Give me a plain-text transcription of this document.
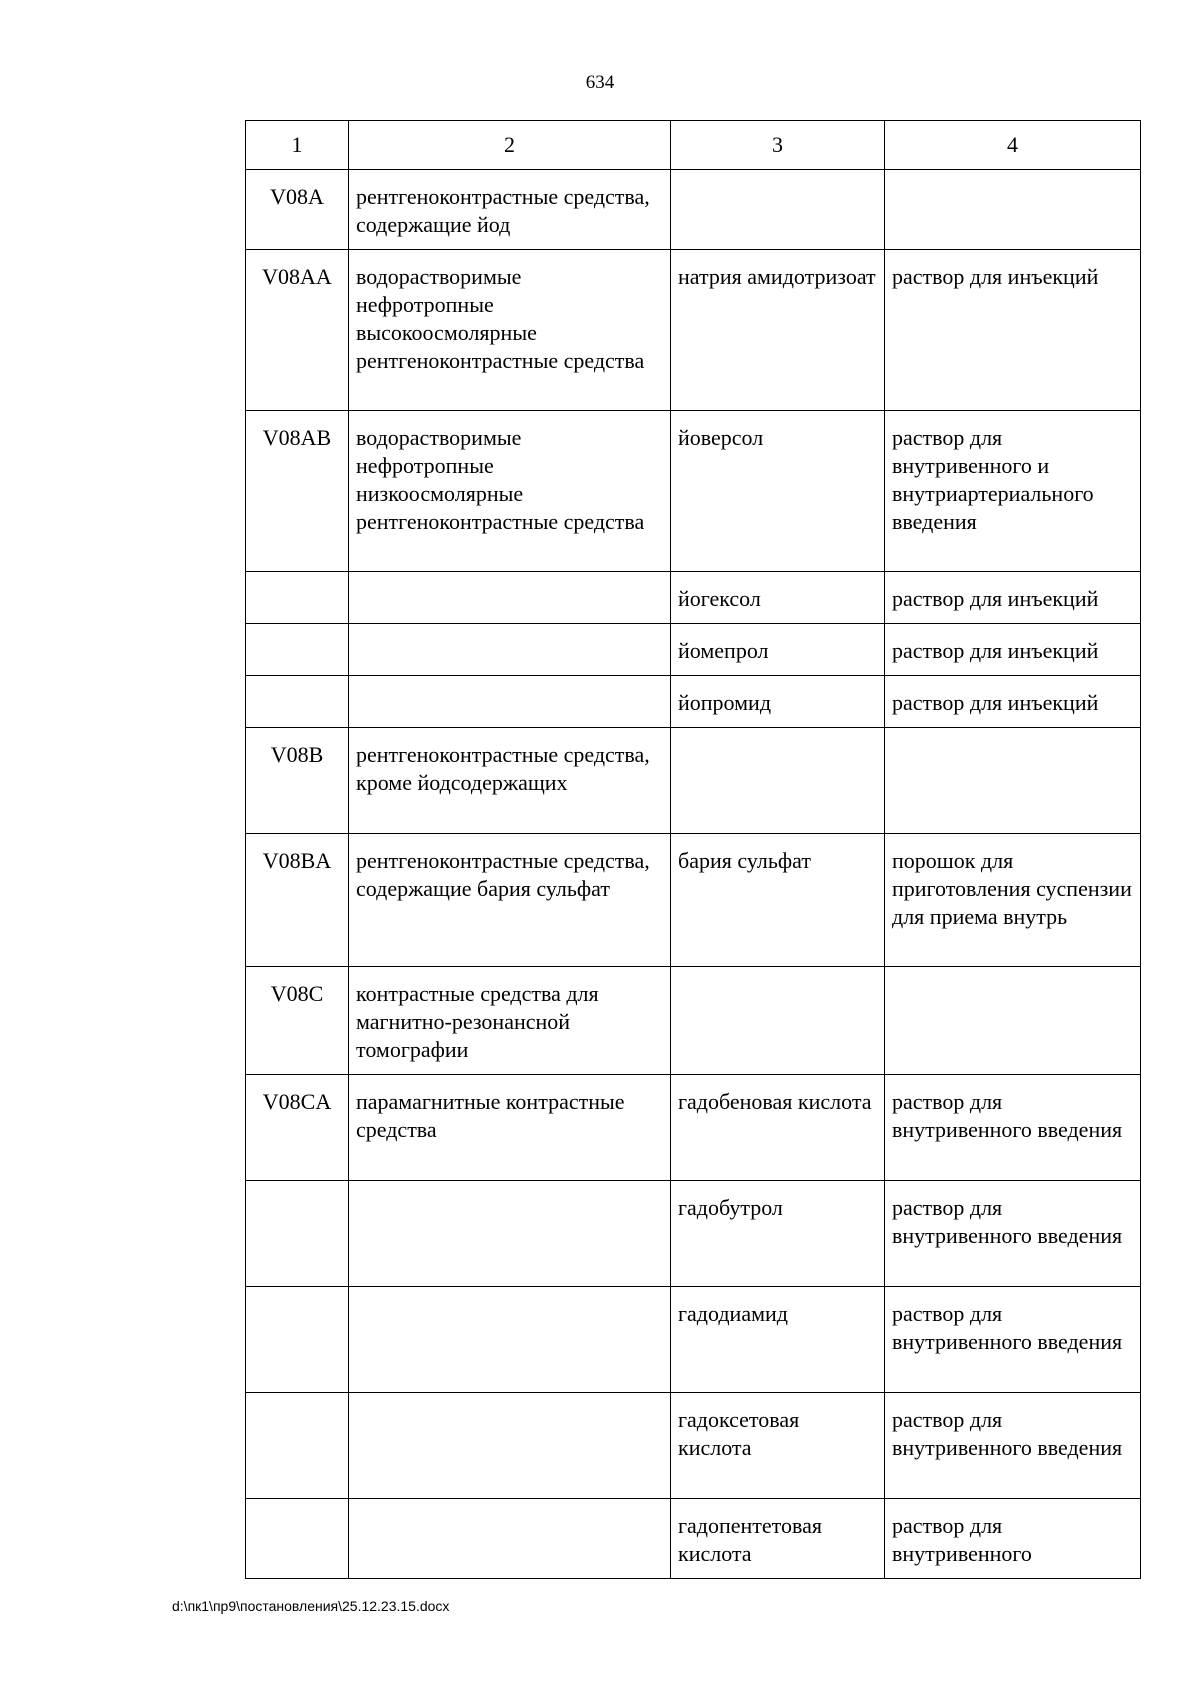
634
1	2	3	4
V08A	рентгеноконтрастные средства, содержащие йод		
V08AA	водорастворимые нефротропные высокоосмолярные рентгеноконтрастные средства	натрия амидотризоат	раствор для инъекций
V08AB	водорастворимые нефротропные низкоосмолярные рентгеноконтрастные средства	йоверсол	раствор для внутривенного и внутриартериального введения
		йогексол	раствор для инъекций
		йомепрол	раствор для инъекций
		йопромид	раствор для инъекций
V08B	рентгеноконтрастные средства, кроме йодсодержащих		
V08BA	рентгеноконтрастные средства, содержащие бария сульфат	бария сульфат	порошок для приготовления суспензии для приема внутрь
V08C	контрастные средства для магнитно-резонансной томографии		
V08CA	парамагнитные контрастные средства	гадобеновая кислота	раствор для внутривенного введения
		гадобутрол	раствор для внутривенного введения
		гадодиамид	раствор для внутривенного введения
		гадоксетовая кислота	раствор для внутривенного введения
		гадопентетовая кислота	раствор для внутривенного
d:\пк1\пр9\постановления\25.12.23.15.docx
